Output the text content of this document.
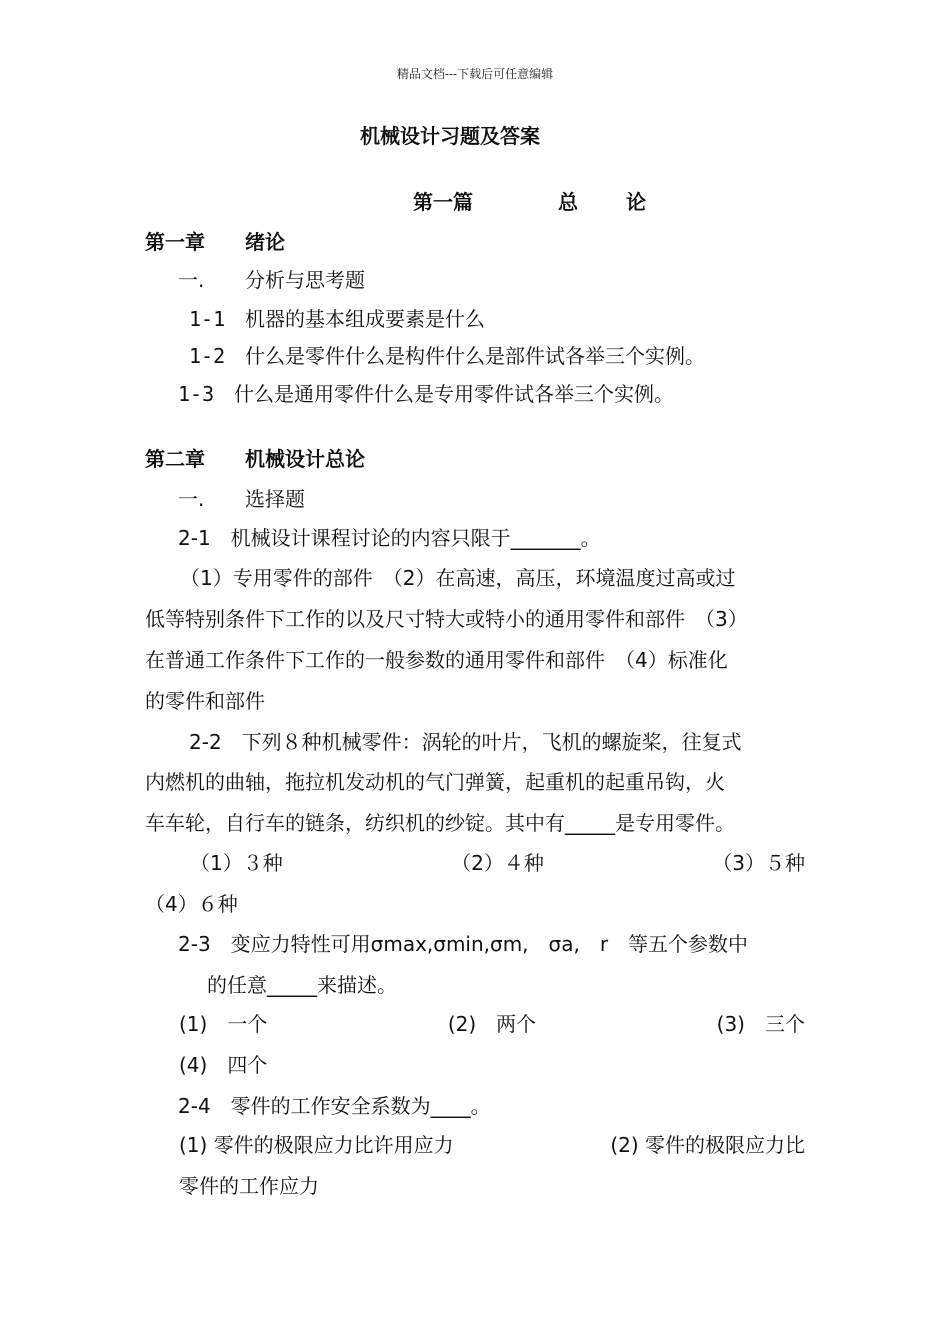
精品文档---下载后可任意编辑
机械设计习题及答案
第一篇	总 论
第一章 绪论
一. 分析与思考题
1-1 机器的基本组成要素是什么
1-2 什么是零件什么是构件什么是部件试各举三个实例。
1-3 什么是通用零件什么是专用零件试各举三个实例。
第二章 机械设计总论
一. 选择题
2-1　机械设计课程讨论的内容只限于_______。
（1）专用零件的部件　（2）在高速，高压，环境温度过高或过
低等特别条件下工作的以及尺寸特大或特小的通用零件和部件　（3）
在普通工作条件下工作的一般参数的通用零件和部件　（4）标准化
的零件和部件
2-2　下列８种机械零件：涡轮的叶片，飞机的螺旋桨，往复式
内燃机的曲轴，拖拉机发动机的气门弹簧，起重机的起重吊钩，火
车车轮，自行车的链条，纺织机的纱锭。其中有_____是专用零件。
（1）３种	（2）４种	（3）５种
（4）６种
2-3　变应力特性可用σmax,σmin,σm,　σa,　r　等五个参数中
的任意_____来描述。
(1)　一个	(2)　两个	(3)　三个
(4)　四个
2-4　零件的工作安全系数为____。
(1) 零件的极限应力比许用应力	(2) 零件的极限应力比
零件的工作应力
